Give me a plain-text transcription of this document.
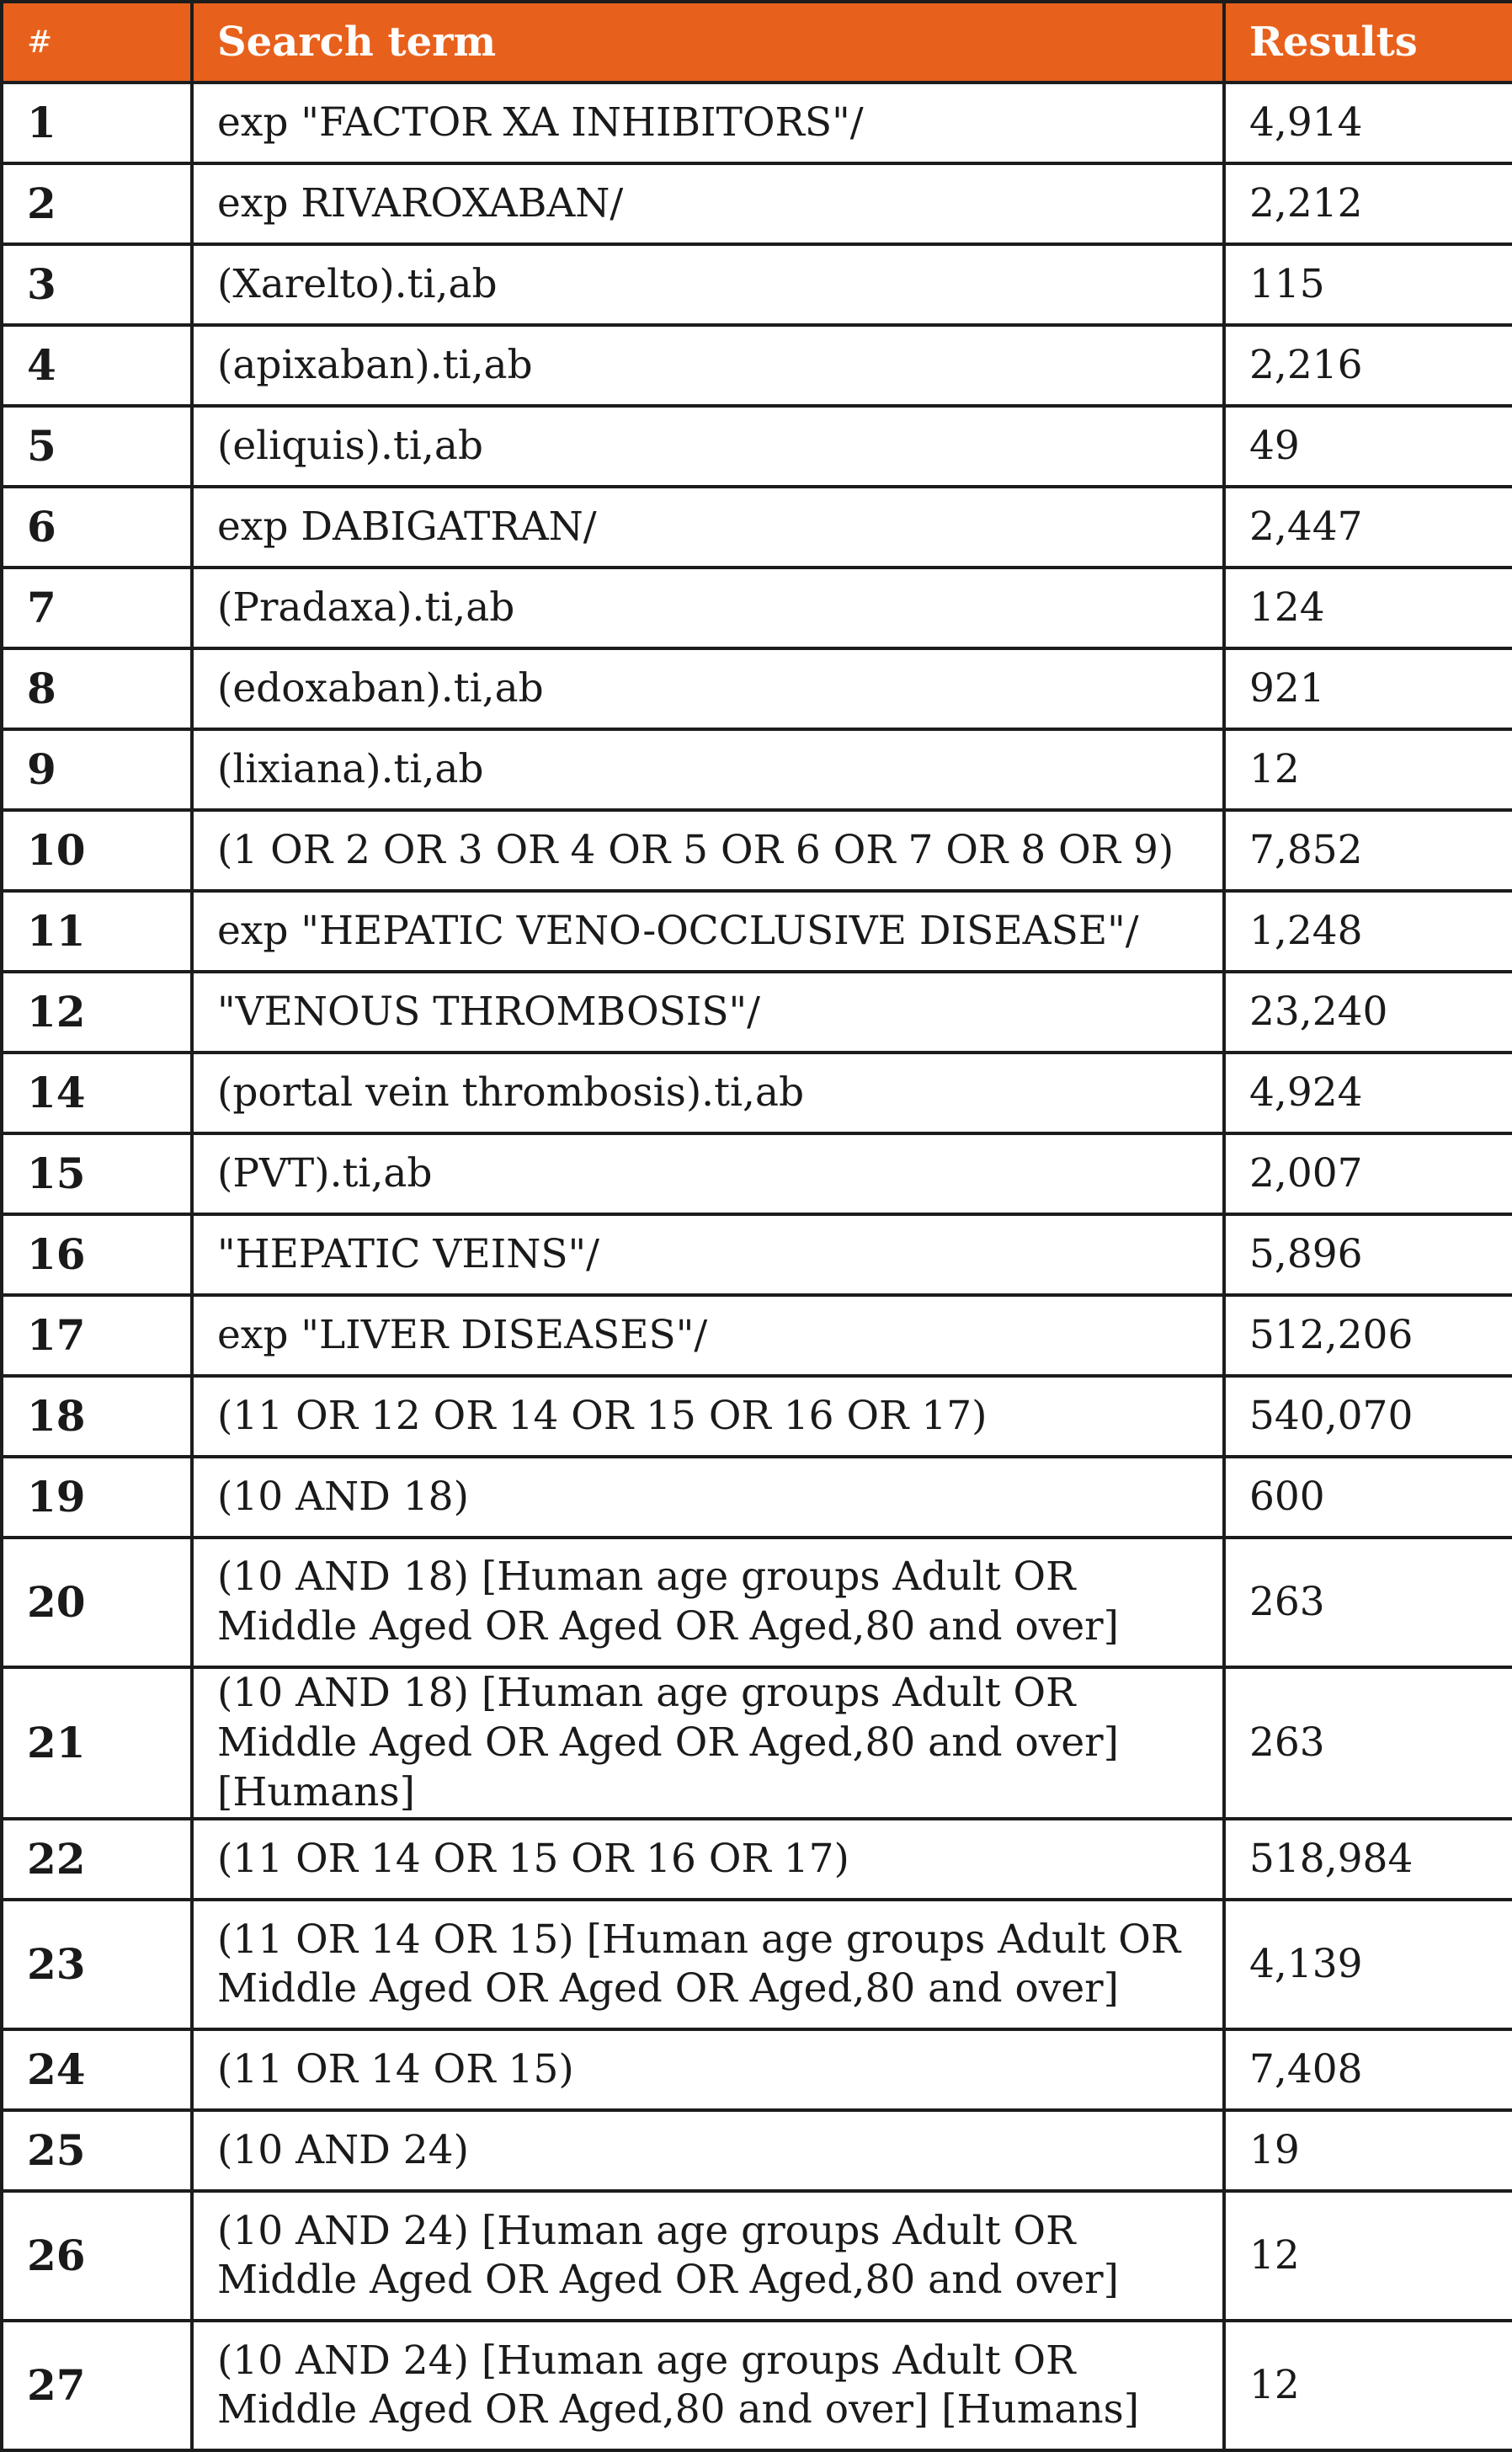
#	Search term	Results
1	exp "FACTOR XA INHIBITORS"/	4,914
2	exp RIVAROXABAN/	2,212
3	(Xarelto).ti,ab	115
4	(apixaban).ti,ab	2,216
5	(eliquis).ti,ab	49
6	exp DABIGATRAN/	2,447
7	(Pradaxa).ti,ab	124
8	(edoxaban).ti,ab	921
9	(lixiana).ti,ab	12
10	(1 OR 2 OR 3 OR 4 OR 5 OR 6 OR 7 OR 8 OR 9)	7,852
11	exp "HEPATIC VENO-OCCLUSIVE DISEASE"/	1,248
12	"VENOUS THROMBOSIS"/	23,240
14	(portal vein thrombosis).ti,ab	4,924
15	(PVT).ti,ab	2,007
16	"HEPATIC VEINS"/	5,896
17	exp "LIVER DISEASES"/	512,206
18	(11 OR 12 OR 14 OR 15 OR 16 OR 17)	540,070
19	(10 AND 18)	600
20	(10 AND 18) [Human age groups Adult OR Middle Aged OR Aged OR Aged,80 and over]	263
21	(10 AND 18) [Human age groups Adult OR Middle Aged OR Aged OR Aged,80 and over] [Humans]	263
22	(11 OR 14 OR 15 OR 16 OR 17)	518,984
23	(11 OR 14 OR 15) [Human age groups Adult OR Middle Aged OR Aged OR Aged,80 and over]	4,139
24	(11 OR 14 OR 15)	7,408
25	(10 AND 24)	19
26	(10 AND 24) [Human age groups Adult OR Middle Aged OR Aged OR Aged,80 and over]	12
27	(10 AND 24) [Human age groups Adult OR Middle Aged OR Aged,80 and over] [Humans]	12
